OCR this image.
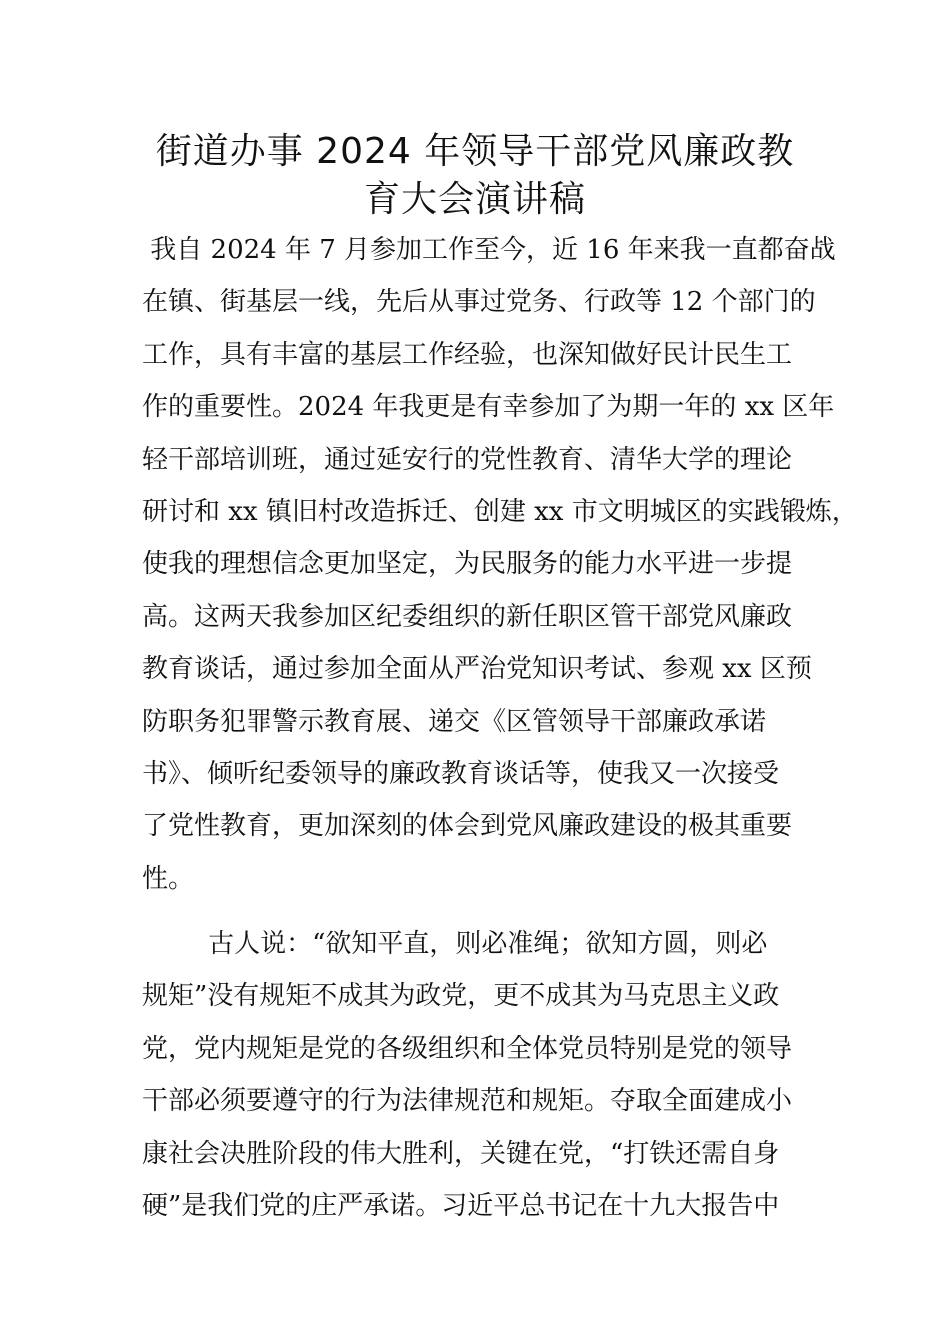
街道办事 2024 年领导干部党风廉政教
育大会演讲稿
我自 2024 年 7 月参加工作至今，近 16 年来我一直都奋战
在镇、街基层一线，先后从事过党务、行政等 12 个部门的
工作，具有丰富的基层工作经验，也深知做好民计民生工
作的重要性。2024 年我更是有幸参加了为期一年的 xx 区年
轻干部培训班，通过延安行的党性教育、清华大学的理论
研讨和 xx 镇旧村改造拆迁、创建 xx 市文明城区的实践锻炼，
使我的理想信念更加坚定，为民服务的能力水平进一步提
高。这两天我参加区纪委组织的新任职区管干部党风廉政
教育谈话，通过参加全面从严治党知识考试、参观 xx 区预
防职务犯罪警示教育展、递交《区管领导干部廉政承诺
书》、倾听纪委领导的廉政教育谈话等，使我又一次接受
了党性教育，更加深刻的体会到党风廉政建设的极其重要
性。
古人说：“欲知平直，则必准绳；欲知方圆，则必
规矩”没有规矩不成其为政党，更不成其为马克思主义政
党，党内规矩是党的各级组织和全体党员特别是党的领导
干部必须要遵守的行为法律规范和规矩。夺取全面建成小
康社会决胜阶段的伟大胜利，关键在党，“打铁还需自身
硬”是我们党的庄严承诺。习近平总书记在十九大报告中
